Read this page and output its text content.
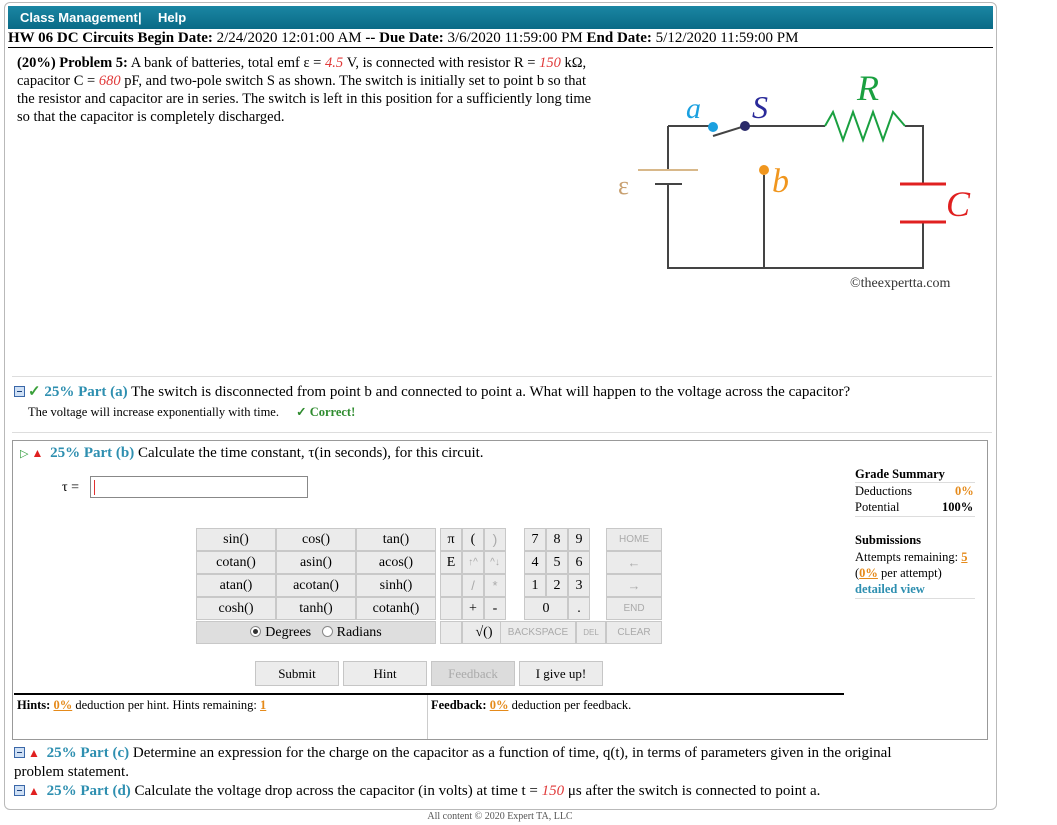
Class Management | Help
HW 06 DC Circuits Begin Date: 2/24/2020 12:01:00 AM -- Due Date: 3/6/2020 11:59:00 PM End Date: 5/12/2020 11:59:00 PM
(20%) Problem 5: A bank of batteries, total emf ε = 4.5 V, is connected with resistor R = 150 kΩ, capacitor C = 680 pF, and two-pole switch S as shown. The switch is initially set to point b so that the resistor and capacitor are in series. The switch is left in this position for a sufficiently long time so that the capacitor is completely discharged.	a S R
b
C
ε
©theexpertta.com
✓ 25% Part (a) The switch is disconnected from point b and connected to point a. What will happen to the voltage across the capacitor?
The voltage will increase exponentially with time. ✓ Correct!
▷ ▲ 25% Part (b) Calculate the time constant, τ(in seconds), for this circuit.
τ =
sin()	cos()	tan()
cotan()	asin()	acos()
atan()	acotan()	sinh()
cosh()	tanh()	cotanh()
Degrees Radians
π	(	)
E	↑^	^↓
/	*
+	-
√()
7	8	9
4	5	6
1	2	3
0	.
HOME
←
→
END
BACKSPACE	DEL	CLEAR
Submit	Hint	Feedback	I give up!
Hints: 0% deduction per hint. Hints remaining: 1	Feedback: 0% deduction per feedback.
Grade Summary
Deductions	0%
Potential	100%
Submissions
Attempts remaining: 5
(0% per attempt)
detailed view
▲ 25% Part (c) Determine an expression for the charge on the capacitor as a function of time, q(t), in terms of parameters given in the original
problem statement.
▲ 25% Part (d) Calculate the voltage drop across the capacitor (in volts) at time t = 150 μs after the switch is connected to point a.
All content © 2020 Expert TA, LLC
